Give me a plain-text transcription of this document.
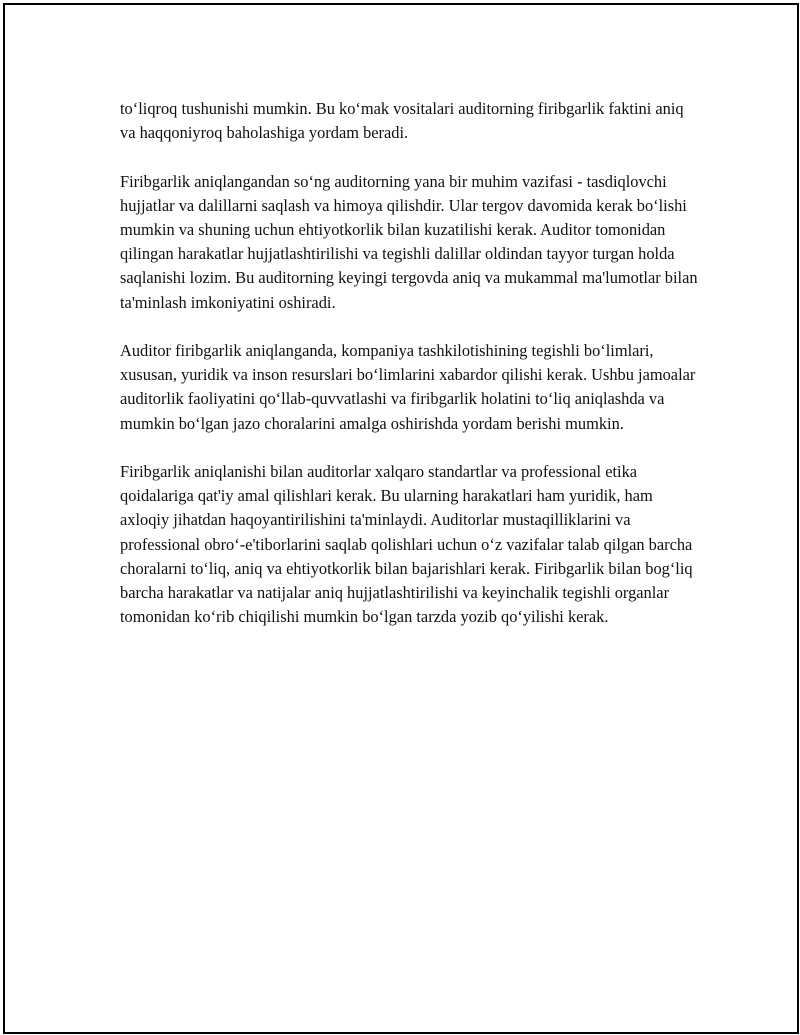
to‘liqroq tushunishi mumkin. Bu ko‘mak vositalari auditorning firibgarlik faktini aniq va haqqoniyroq baholashiga yordam beradi.

Firibgarlik aniqlangandan so‘ng auditorning yana bir muhim vazifasi - tasdiqlovchi hujjatlar va dalillarni saqlash va himoya qilishdir. Ular tergov davomida kerak bo‘lishi mumkin va shuning uchun ehtiyotkorlik bilan kuzatilishi kerak. Auditor tomonidan qilingan harakatlar hujjatlashtirilishi va tegishli dalillar oldindan tayyor turgan holda saqlanishi lozim. Bu auditorning keyingi tergovda aniq va mukammal ma'lumotlar bilan ta'minlash imkoniyatini oshiradi.

Auditor firibgarlik aniqlanganda, kompaniya tashkilotishining tegishli bo‘limlari, xususan, yuridik va inson resurslari bo‘limlarini xabardor qilishi kerak. Ushbu jamoalar auditorlik faoliyatini qo‘llab-quvvatlashi va firibgarlik holatini to‘liq aniqlashda va mumkin bo‘lgan jazo choralarini amalga oshirishda yordam berishi mumkin.

Firibgarlik aniqlanishi bilan auditorlar xalqaro standartlar va professional etika qoidalariga qat'iy amal qilishlari kerak. Bu ularning harakatlari ham yuridik, ham axloqiy jihatdan haqoyantirilishini ta'minlaydi. Auditorlar mustaqilliklarini va professional obro‘-e'tiborlarini saqlab qolishlari uchun o‘z vazifalar talab qilgan barcha choralarni to‘liq, aniq va ehtiyotkorlik bilan bajarishlari kerak. Firibgarlik bilan bog‘liq barcha harakatlar va natijalar aniq hujjatlashtirilishi va keyinchalik tegishli organlar tomonidan ko‘rib chiqilishi mumkin bo‘lgan tarzda yozib qo‘yilishi kerak.
